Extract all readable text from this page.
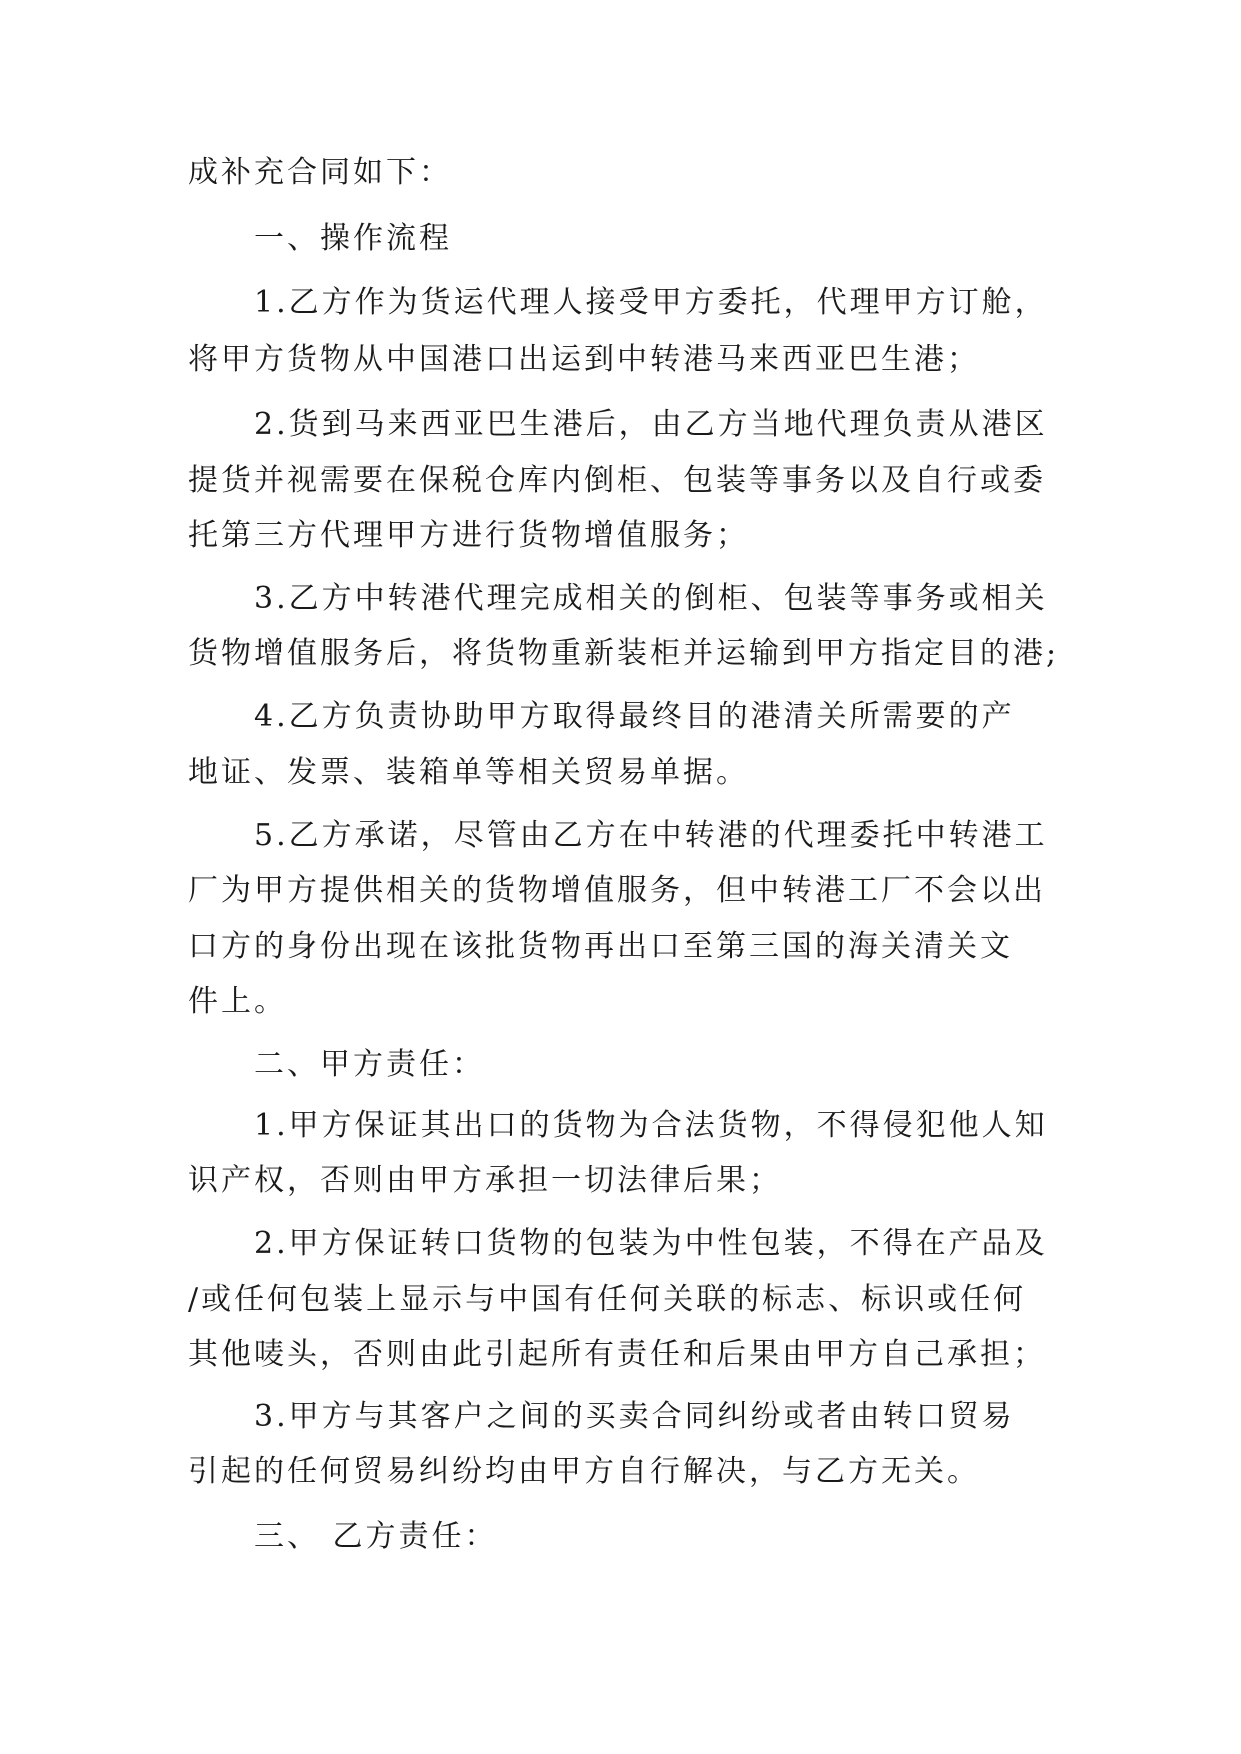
成补充合同如下：
一、操作流程
1.乙方作为货运代理人接受甲方委托，代理甲方订舱，
将甲方货物从中国港口出运到中转港马来西亚巴生港；
2.货到马来西亚巴生港后，由乙方当地代理负责从港区
提货并视需要在保税仓库内倒柜、包装等事务以及自行或委
托第三方代理甲方进行货物增值服务；
3.乙方中转港代理完成相关的倒柜、包装等事务或相关
货物增值服务后，将货物重新装柜并运输到甲方指定目的港;
4.乙方负责协助甲方取得最终目的港清关所需要的产
地证、发票、装箱单等相关贸易单据。
5.乙方承诺，尽管由乙方在中转港的代理委托中转港工
厂为甲方提供相关的货物增值服务，但中转港工厂不会以出
口方的身份出现在该批货物再出口至第三国的海关清关文
件上。
二、甲方责任：
1.甲方保证其出口的货物为合法货物，不得侵犯他人知
识产权，否则由甲方承担一切法律后果；
2.甲方保证转口货物的包装为中性包装，不得在产品及
/或任何包装上显示与中国有任何关联的标志、标识或任何
其他唛头，否则由此引起所有责任和后果由甲方自己承担；
3.甲方与其客户之间的买卖合同纠纷或者由转口贸易
引起的任何贸易纠纷均由甲方自行解决，与乙方无关。
三、 乙方责任：
